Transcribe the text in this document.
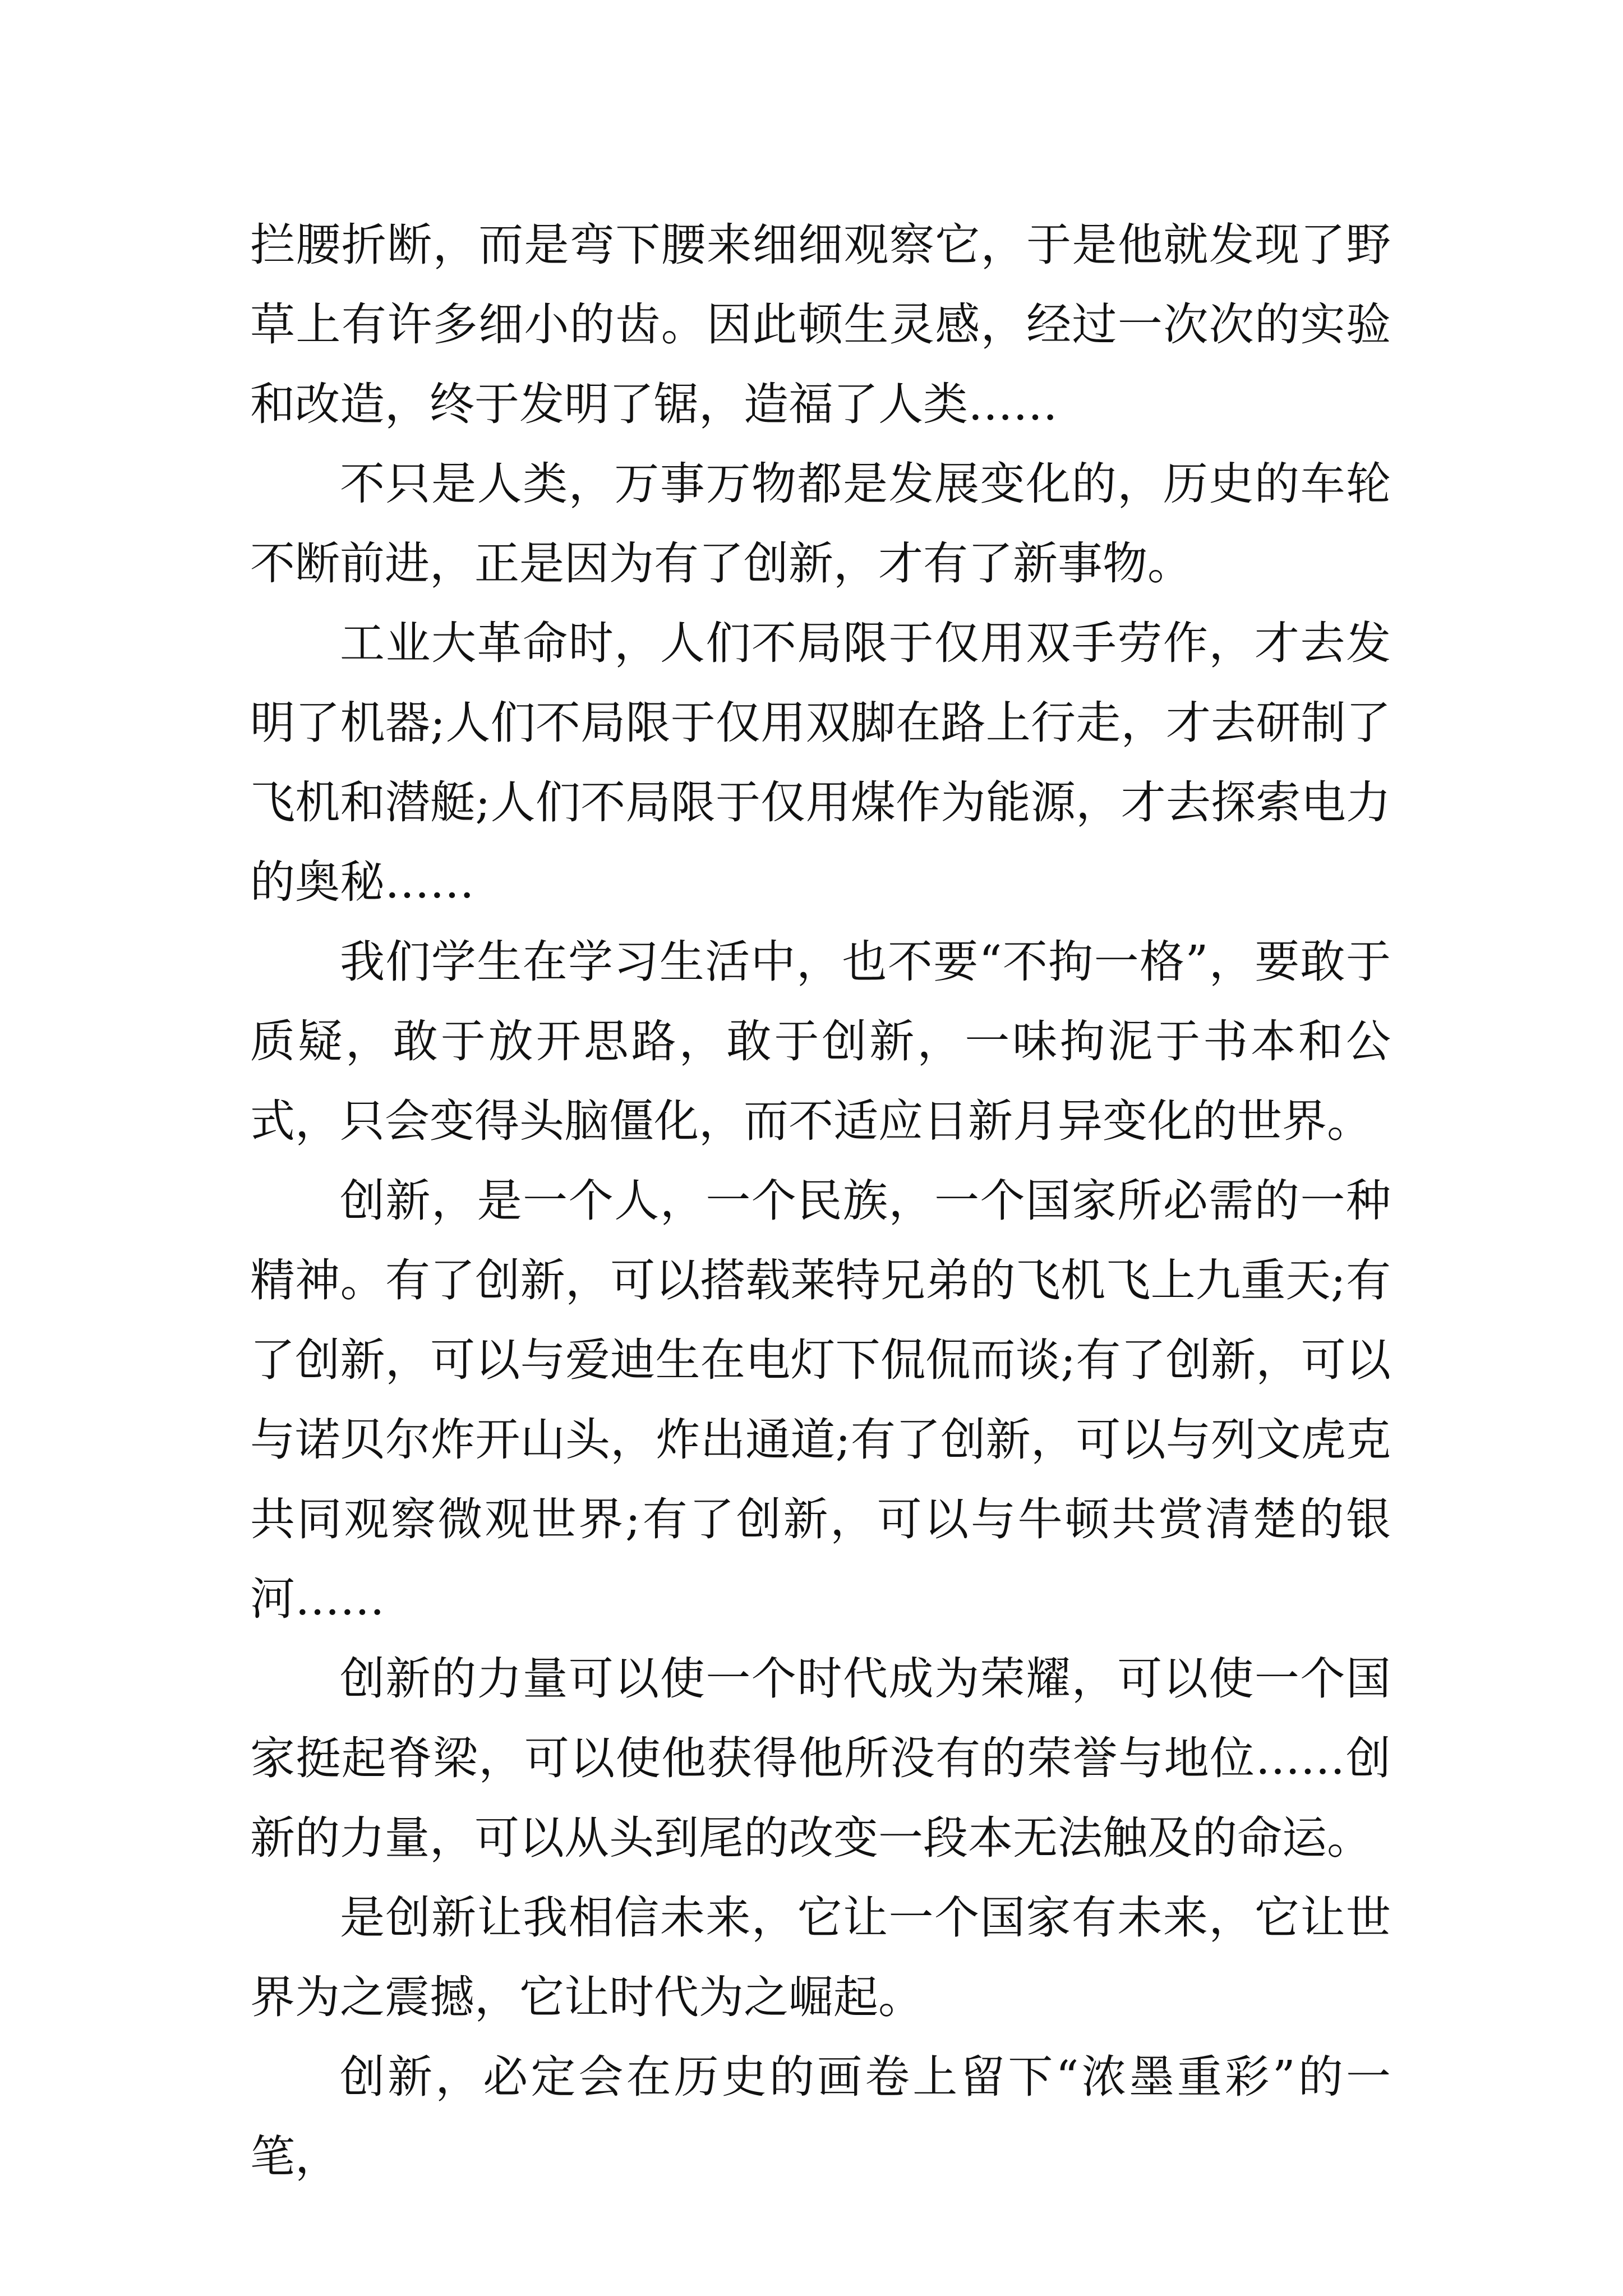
拦腰折断，而是弯下腰来细细观察它，于是他就发现了野草上有许多细小的齿。因此顿生灵感，经过一次次的实验和改造，终于发明了锯，造福了人类……

不只是人类，万事万物都是发展变化的，历史的车轮不断前进，正是因为有了创新，才有了新事物。

工业大革命时，人们不局限于仅用双手劳作，才去发明了机器;人们不局限于仅用双脚在路上行走，才去研制了飞机和潜艇;人们不局限于仅用煤作为能源，才去探索电力的奥秘……

我们学生在学习生活中，也不要“不拘一格”，要敢于质疑，敢于放开思路，敢于创新，一味拘泥于书本和公式，只会变得头脑僵化，而不适应日新月异变化的世界。

创新，是一个人，一个民族，一个国家所必需的一种精神。有了创新，可以搭载莱特兄弟的飞机飞上九重天;有了创新，可以与爱迪生在电灯下侃侃而谈;有了创新，可以与诺贝尔炸开山头，炸出通道;有了创新，可以与列文虎克共同观察微观世界;有了创新，可以与牛顿共赏清楚的银河……

创新的力量可以使一个时代成为荣耀，可以使一个国家挺起脊梁，可以使他获得他所没有的荣誉与地位……创新的力量，可以从头到尾的改变一段本无法触及的命运。

是创新让我相信未来，它让一个国家有未来，它让世界为之震撼，它让时代为之崛起。

创新，必定会在历史的画卷上留下“浓墨重彩”的一笔，
